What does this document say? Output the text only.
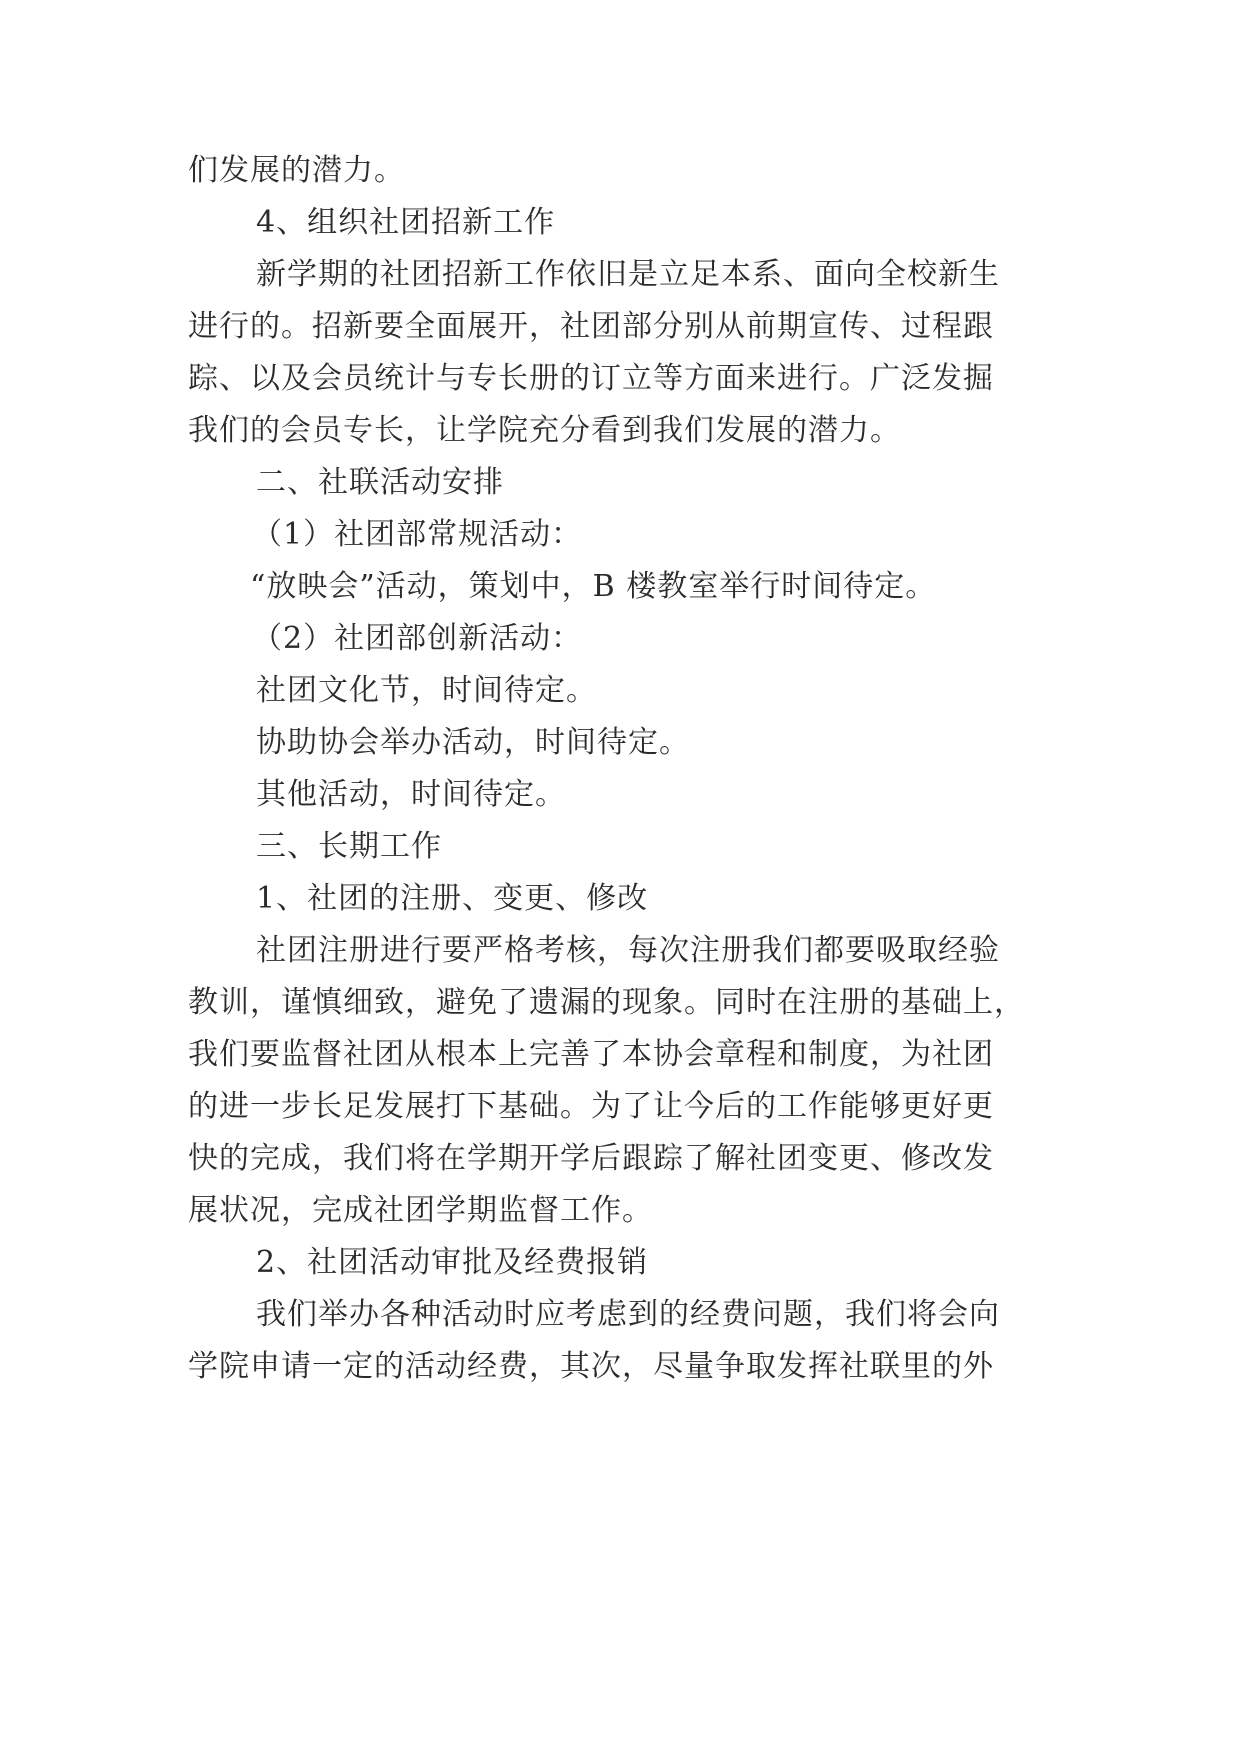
们发展的潜力。
4、组织社团招新工作
新学期的社团招新工作依旧是立足本系、面向全校新生
进行的。招新要全面展开，社团部分别从前期宣传、过程跟
踪、以及会员统计与专长册的订立等方面来进行。广泛发掘
我们的会员专长，让学院充分看到我们发展的潜力。
二、社联活动安排
（1）社团部常规活动：
“放映会”活动，策划中，B 楼教室举行时间待定。
（2）社团部创新活动：
社团文化节，时间待定。
协助协会举办活动，时间待定。
其他活动，时间待定。
三、长期工作
1、社团的注册、变更、修改
社团注册进行要严格考核，每次注册我们都要吸取经验
教训，谨慎细致，避免了遗漏的现象。同时在注册的基础上，
我们要监督社团从根本上完善了本协会章程和制度，为社团
的进一步长足发展打下基础。为了让今后的工作能够更好更
快的完成，我们将在学期开学后跟踪了解社团变更、修改发
展状况，完成社团学期监督工作。
2、社团活动审批及经费报销
我们举办各种活动时应考虑到的经费问题，我们将会向
学院申请一定的活动经费，其次，尽量争取发挥社联里的外
